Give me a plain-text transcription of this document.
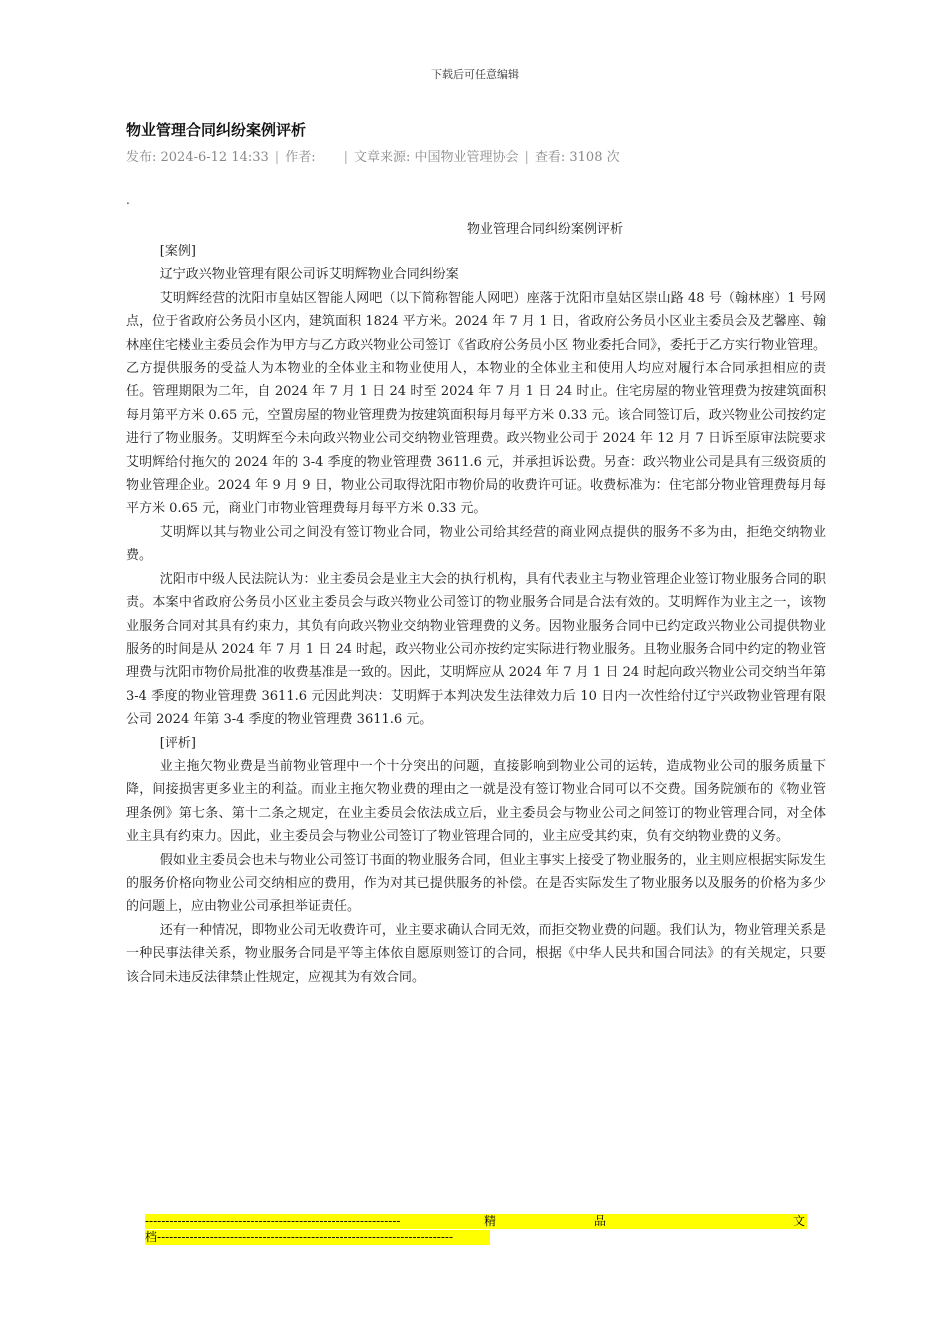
下载后可任意编辑
物业管理合同纠纷案例评析
发布: 2024-6-12 14:33 | 作者: | 文章来源: 中国物业管理协会 | 查看: 3108 次
.
物业管理合同纠纷案例评析

[案例]

辽宁政兴物业管理有限公司诉艾明辉物业合同纠纷案

艾明辉经营的沈阳市皇姑区智能人网吧（以下简称智能人网吧）座落于沈阳市皇姑区崇山路 48 号（翰林座）1 号网点，位于省政府公务员小区内，建筑面积 1824 平方米。2024 年 7 月 1 日，省政府公务员小区业主委员会及艺馨座、翰林座住宅楼业主委员会作为甲方与乙方政兴物业公司签订《省政府公务员小区 物业委托合同》，委托于乙方实行物业管理。乙方提供服务的受益人为本物业的全体业主和物业使用人，本物业的全体业主和使用人均应对履行本合同承担相应的责任。管理期限为二年，自 2024 年 7 月 1 日 24 时至 2024 年 7 月 1 日 24 时止。住宅房屋的物业管理费为按建筑面积每月第平方米 0.65 元，空置房屋的物业管理费为按建筑面积每月每平方米 0.33 元。该合同签订后，政兴物业公司按约定进行了物业服务。艾明辉至今未向政兴物业公司交纳物业管理费。政兴物业公司于 2024 年 12 月 7 日诉至原审法院要求艾明辉给付拖欠的 2024 年的 3-4 季度的物业管理费 3611.6 元，并承担诉讼费。另查：政兴物业公司是具有三级资质的物业管理企业。2024 年 9 月 9 日，物业公司取得沈阳市物价局的收费许可证。收费标准为：住宅部分物业管理费每月每平方米 0.65 元，商业门市物业管理费每月每平方米 0.33 元。

艾明辉以其与物业公司之间没有签订物业合同，物业公司给其经营的商业网点提供的服务不多为由，拒绝交纳物业费。

沈阳市中级人民法院认为：业主委员会是业主大会的执行机构，具有代表业主与物业管理企业签订物业服务合同的职责。本案中省政府公务员小区业主委员会与政兴物业公司签订的物业服务合同是合法有效的。艾明辉作为业主之一，该物业服务合同对其具有约束力，其负有向政兴物业交纳物业管理费的义务。因物业服务合同中已约定政兴物业公司提供物业服务的时间是从 2024 年 7 月 1 日 24 时起，政兴物业公司亦按约定实际进行物业服务。且物业服务合同中约定的物业管理费与沈阳市物价局批准的收费基准是一致的。因此，艾明辉应从 2024 年 7 月 1 日 24 时起向政兴物业公司交纳当年第 3-4 季度的物业管理费 3611.6 元因此判决：艾明辉于本判决发生法律效力后 10 日内一次性给付辽宁兴政物业管理有限公司 2024 年第 3-4 季度的物业管理费 3611.6 元。

[评析]

业主拖欠物业费是当前物业管理中一个十分突出的问题，直接影响到物业公司的运转，造成物业公司的服务质量下降，间接损害更多业主的利益。而业主拖欠物业费的理由之一就是没有签订物业合同可以不交费。国务院颁布的《物业管理条例》第七条、第十二条之规定，在业主委员会依法成立后，业主委员会与物业公司之间签订的物业管理合同，对全体业主具有约束力。因此，业主委员会与物业公司签订了物业管理合同的，业主应受其约束，负有交纳物业费的义务。

假如业主委员会也未与物业公司签订书面的物业服务合同，但业主事实上接受了物业服务的，业主则应根据实际发生的服务价格向物业公司交纳相应的费用，作为对其已提供服务的补偿。在是否实际发生了物业服务以及服务的价格为多少的问题上，应由物业公司承担举证责任。

还有一种情况，即物业公司无收费许可，业主要求确认合同无效，而拒交物业费的问题。我们认为，物业管理关系是一种民事法律关系，物业服务合同是平等主体依自愿原则签订的合同，根据《中华人民共和国合同法》的有关规定，只要该合同未违反法律禁止性规定，应视其为有效合同。

---------------------------------------------------------------	精	品	文
档-------------------------------------------------------------------------
